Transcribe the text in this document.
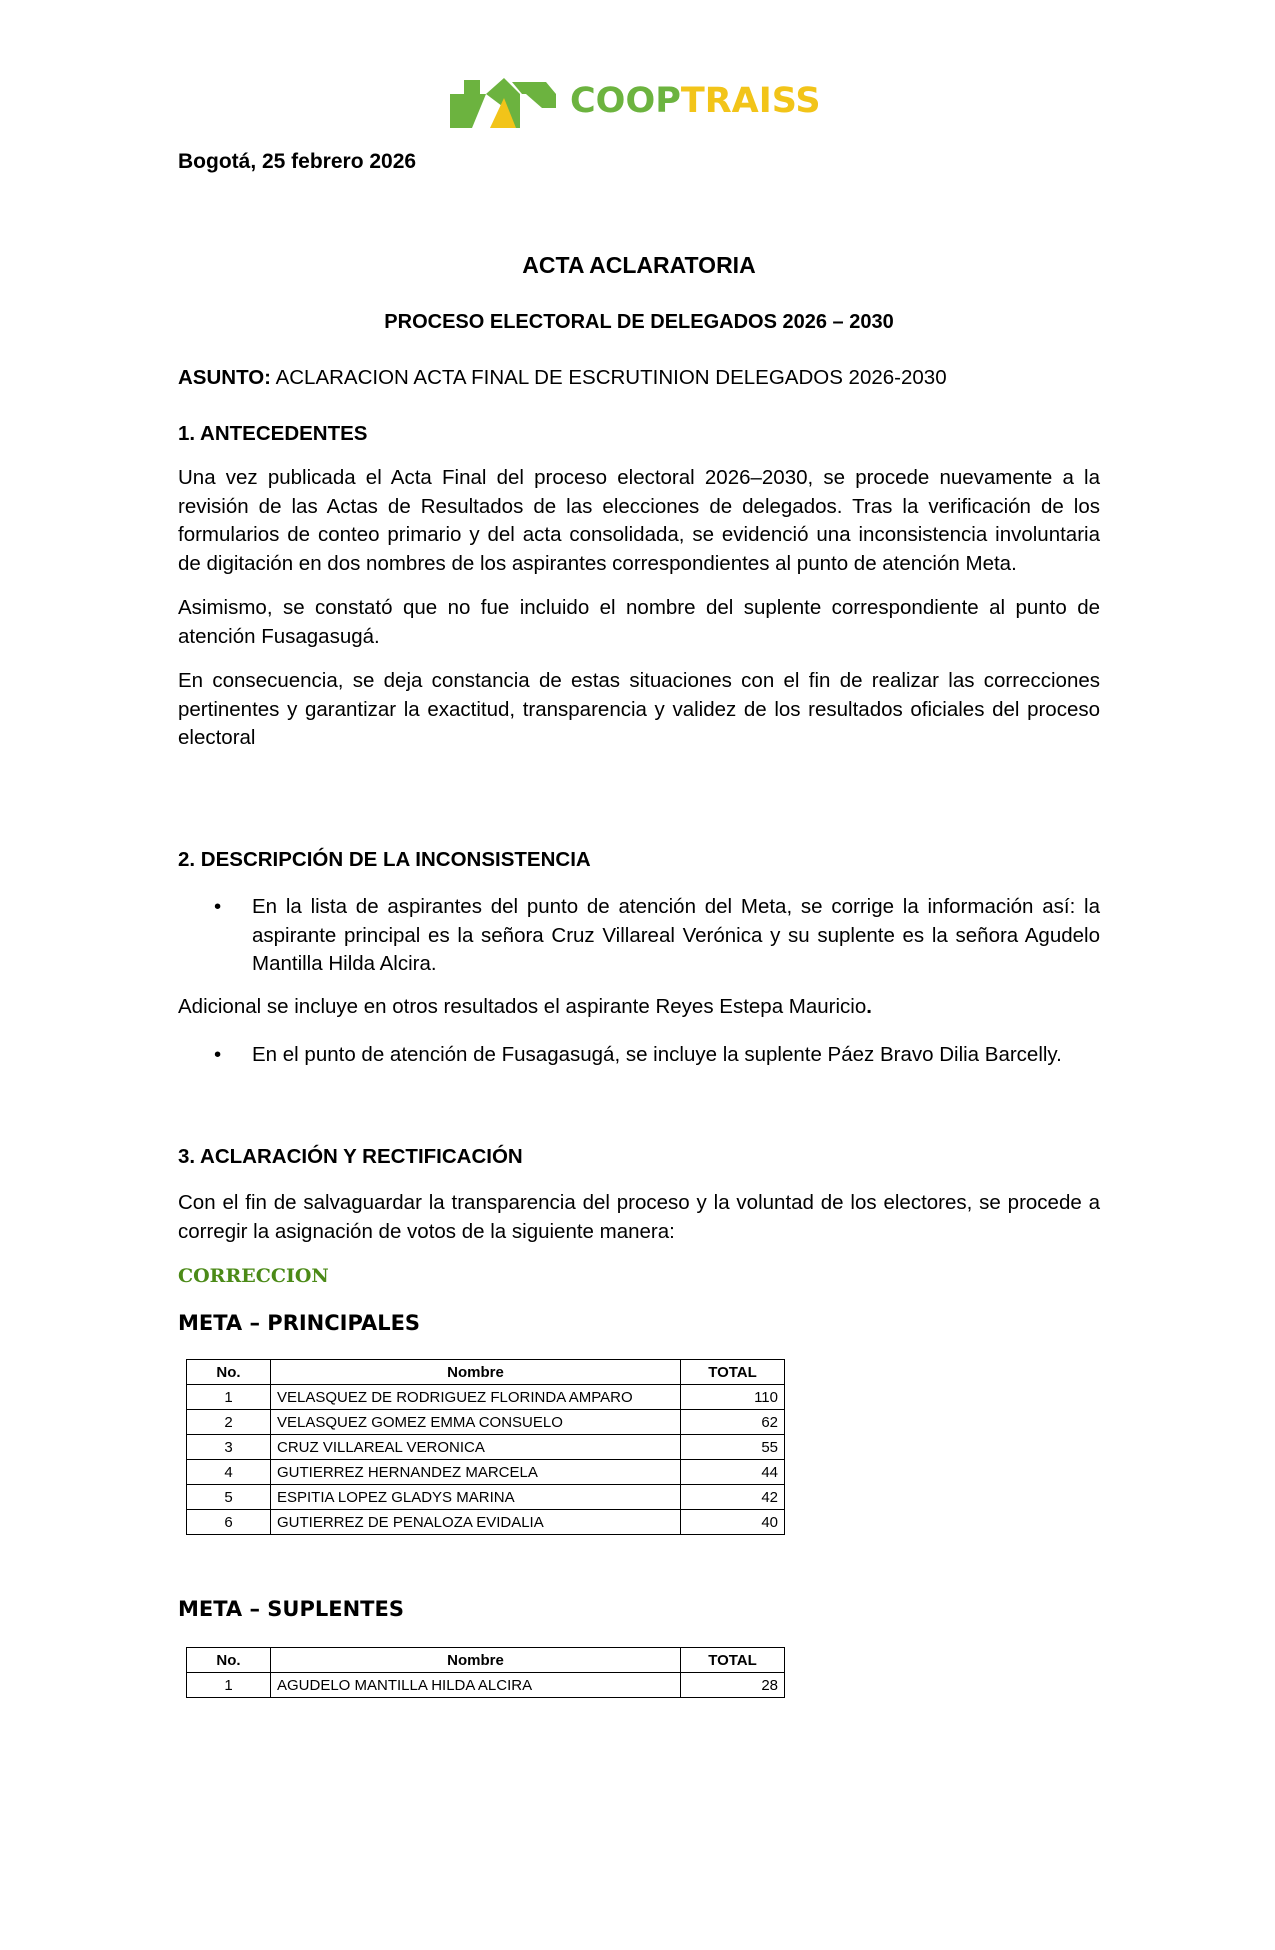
COOPTRAISS
Bogotá, 25 febrero 2026
ACTA ACLARATORIA
PROCESO ELECTORAL DE DELEGADOS 2026 – 2030
ASUNTO: ACLARACION ACTA FINAL DE ESCRUTINION DELEGADOS 2026-2030
1. ANTECEDENTES

Una vez publicada el Acta Final del proceso electoral 2026–2030, se procede nuevamente a la revisión de las Actas de Resultados de las elecciones de delegados. Tras la verificación de los formularios de conteo primario y del acta consolidada, se evidenció una inconsistencia involuntaria de digitación en dos nombres de los aspirantes correspondientes al punto de atención Meta.

Asimismo, se constató que no fue incluido el nombre del suplente correspondiente al punto de atención Fusagasugá.

En consecuencia, se deja constancia de estas situaciones con el fin de realizar las correcciones pertinentes y garantizar la exactitud, transparencia y validez de los resultados oficiales del proceso electoral

2. DESCRIPCIÓN DE LA INCONSISTENCIA
• En la lista de aspirantes del punto de atención del Meta, se corrige la información así: la aspirante principal es la señora Cruz Villareal Verónica y su suplente es la señora Agudelo Mantilla Hilda Alcira.
Adicional se incluye en otros resultados el aspirante Reyes Estepa Mauricio.
• En el punto de atención de Fusagasugá, se incluye la suplente Páez Bravo Dilia Barcelly.
3. ACLARACIÓN Y RECTIFICACIÓN

Con el fin de salvaguardar la transparencia del proceso y la voluntad de los electores, se procede a corregir la asignación de votos de la siguiente manera:

CORRECCION
META – PRINCIPALES
No.	Nombre	TOTAL
1	VELASQUEZ DE RODRIGUEZ FLORINDA AMPARO	110
2	VELASQUEZ GOMEZ EMMA CONSUELO	62
3	CRUZ VILLAREAL VERONICA	55
4	GUTIERREZ HERNANDEZ MARCELA	44
5	ESPITIA LOPEZ GLADYS MARINA	42
6	GUTIERREZ DE PENALOZA EVIDALIA	40
META – SUPLENTES
No.	Nombre	TOTAL
1	AGUDELO MANTILLA HILDA ALCIRA	28
